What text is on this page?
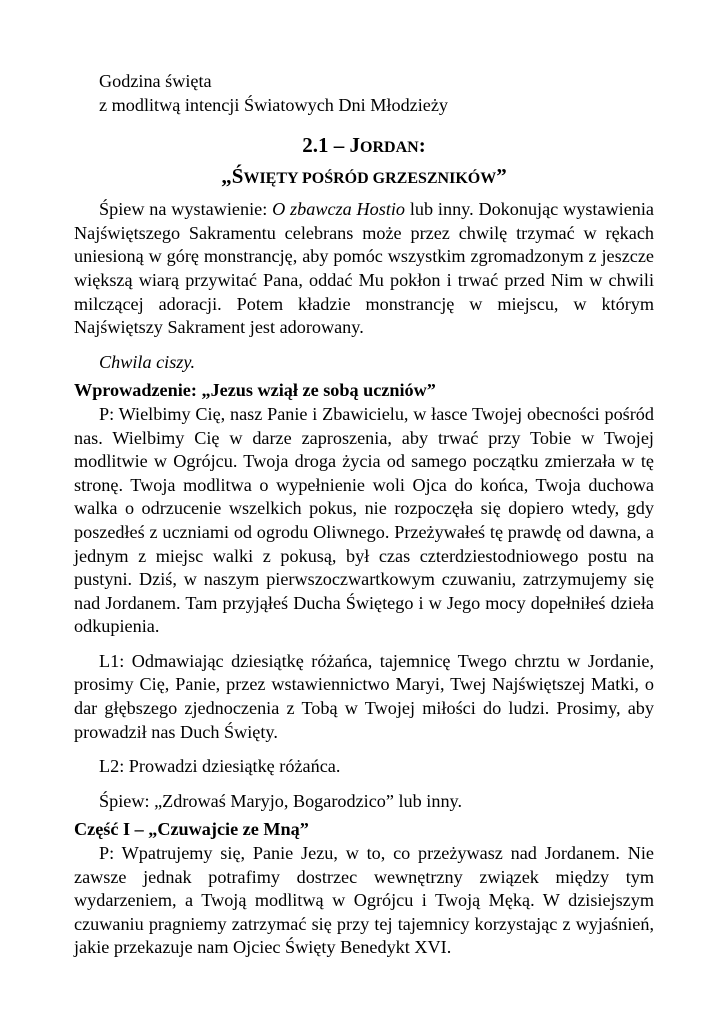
Godzina święta
z modlitwą intencji Światowych Dni Młodzieży
2.1 – JORDAN:
„ŚWIĘTY POŚRÓD GRZESZNIKÓW”

Śpiew na wystawienie: O zbawcza Hostio lub inny. Dokonując wystawienia Najświętszego Sakramentu celebrans może przez chwilę trzymać w rękach uniesioną w górę monstrancję, aby pomóc wszystkim zgromadzonym z jeszcze większą wiarą przywitać Pana, oddać Mu pokłon i trwać przed Nim w chwili milczącej adoracji. Potem kładzie monstrancję w miejscu, w którym Najświętszy Sakrament jest adorowany.

Chwila ciszy.

Wprowadzenie: „Jezus wziął ze sobą uczniów”

P: Wielbimy Cię, nasz Panie i Zbawicielu, w łasce Twojej obecności pośród nas. Wielbimy Cię w darze zaproszenia, aby trwać przy Tobie w Twojej modlitwie w Ogrójcu. Twoja droga życia od samego początku zmierzała w tę stronę. Twoja modlitwa o wypełnienie woli Ojca do końca, Twoja duchowa walka o odrzucenie wszelkich pokus, nie rozpoczęła się dopiero wtedy, gdy poszedłeś z uczniami od ogrodu Oliwnego. Przeżywałeś tę prawdę od dawna, a jednym z miejsc walki z pokusą, był czas czterdziestodniowego postu na pustyni. Dziś, w naszym pierwszoczwartkowym czuwaniu, zatrzymujemy się nad Jordanem. Tam przyjąłeś Ducha Świętego i w Jego mocy dopełniłeś dzieła odkupienia.

L1: Odmawiając dziesiątkę różańca, tajemnicę Twego chrztu w Jordanie, prosimy Cię, Panie, przez wstawiennictwo Maryi, Twej Najświętszej Matki, o dar głębszego zjednoczenia z Tobą w Twojej miłości do ludzi. Prosimy, aby prowadził nas Duch Święty.

L2: Prowadzi dziesiątkę różańca.

Śpiew: „Zdrowaś Maryjo, Bogarodzico” lub inny.

Część I – „Czuwajcie ze Mną”

P: Wpatrujemy się, Panie Jezu, w to, co przeżywasz nad Jordanem. Nie zawsze jednak potrafimy dostrzec wewnętrzny związek między tym wydarzeniem, a Twoją modlitwą w Ogrójcu i Twoją Męką. W dzisiejszym czuwaniu pragniemy zatrzymać się przy tej tajemnicy korzystając z wyjaśnień, jakie przekazuje nam Ojciec Święty Benedykt XVI.
